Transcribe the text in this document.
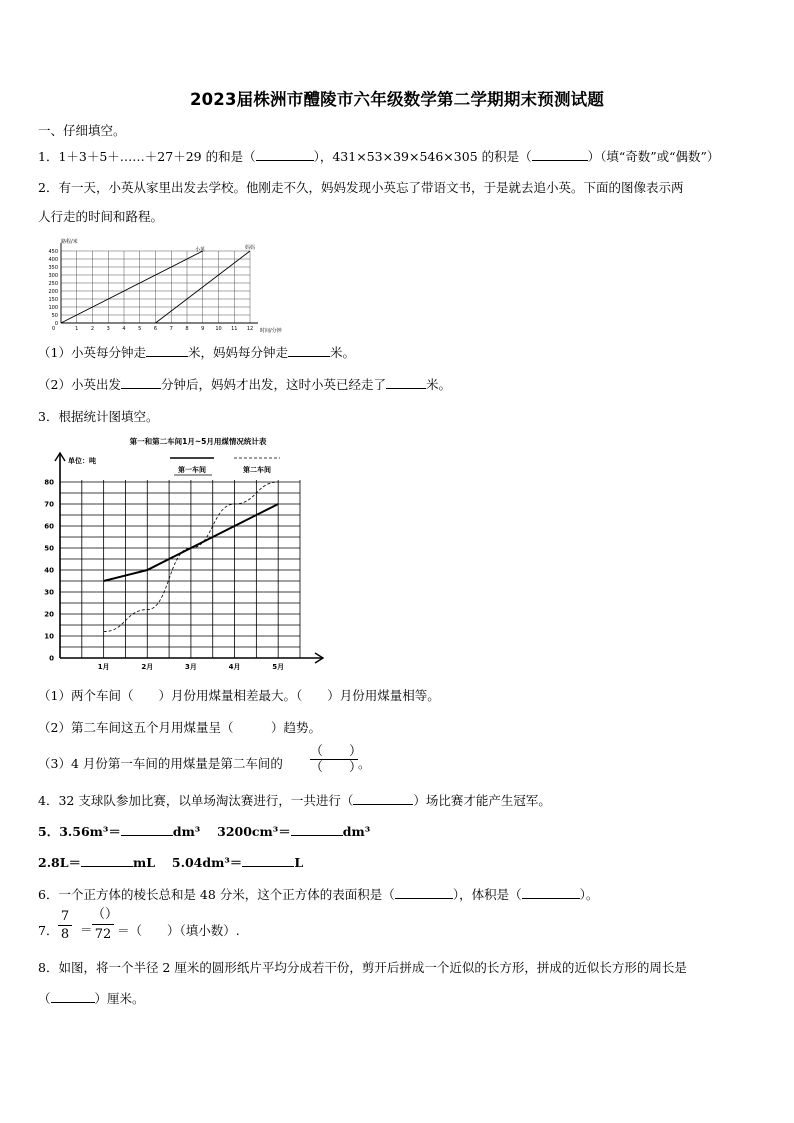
2023届株洲市醴陵市六年级数学第二学期期末预测试题
一、仔细填空。
1．1＋3＋5＋……＋27＋29 的和是（	），431×53×39×546×305 的积是（	）（填“奇数”或“偶数”）
2．有一天，小英从家里出发去学校。他刚走不久，妈妈发现小英忘了带语文书，于是就去追小英。下面的图像表示两
人行走的时间和路程。
1	2	3	4	5	6	7	8	9 10 11 12
0
50
100
150
200
250
300
350
400
450
0
路程/米
时间/分钟
小英	妈妈
（1）小英每分钟走	米，妈妈每分钟走	米。
（2）小英出发	分钟后，妈妈才出发，这时小英已经走了	米。
3．根据统计图填空。
第一和第二车间1月~5月用煤情况统计表
单位：吨
第一车间	第二车间
0
10
20
30
40
50
60
70
80
1月	2月	3月	4月	5月
（1）两个车间（　　）月份用煤量相差最大。（　　）月份用煤量相等。
（2）第二车间这五个月用煤量呈（　　　）趋势。
（3）4 月份第一车间的用煤量是第二车间的
（　　）
（　　）
。
4．32 支球队参加比赛，以单场淘汰赛进行，一共进行（	）场比赛才能产生冠军。
5．3.56m³＝	dm³　 3200cm³＝	dm³
2.8L＝	mL　 5.04dm³＝	L
6．一个正方体的棱长总和是 48 分米，这个正方体的表面积是（	），体积是（	）。
7． $\frac{7}{8}$ ＝
（）
72 ＝（　　）（填小数）.
8．如图，将一个半径 2 厘米的圆形纸片平均分成若干份，剪开后拼成一个近似的长方形，拼成的近似长方形的周长是
（	）厘米。
